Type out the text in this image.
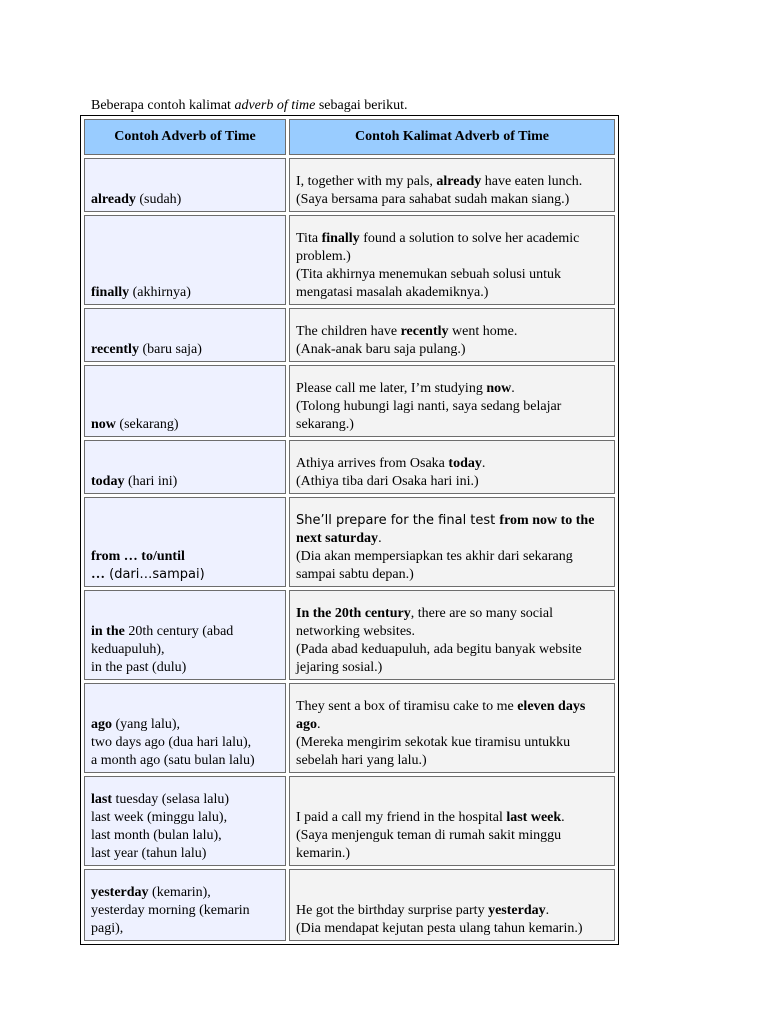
Beberapa contoh kalimat adverb of time sebagai berikut.
Contoh Adverb of Time	Contoh Kalimat Adverb of Time

already (sudah)	I, together with my pals, already have eaten lunch.
(Saya bersama para sahabat sudah makan siang.)

finally (akhirnya)	Tita finally found a solution to solve her academic
problem.)
(Tita akhirnya menemukan sebuah solusi untuk
mengatasi masalah akademiknya.)

recently (baru saja)	The children have recently went home.
(Anak-anak baru saja pulang.)

now (sekarang)	Please call me later, I’m studying now.
(Tolong hubungi lagi nanti, saya sedang belajar
sekarang.)

today (hari ini)	Athiya arrives from Osaka today.
(Athiya tiba dari Osaka hari ini.)

from … to/until
… (dari…sampai)	She’ll prepare for the final test from now to the
next saturday.
(Dia akan mempersiapkan tes akhir dari sekarang
sampai sabtu depan.)

in the 20th century (abad
keduapuluh),
in the past (dulu)	In the 20th century, there are so many social
networking websites.
(Pada abad keduapuluh, ada begitu banyak website
jejaring sosial.)

ago (yang lalu),
two days ago (dua hari lalu),
a month ago (satu bulan lalu)	They sent a box of tiramisu cake to me eleven days
ago.
(Mereka mengirim sekotak kue tiramisu untukku
sebelah hari yang lalu.)

last tuesday (selasa lalu)
last week (minggu lalu),
last month (bulan lalu),
last year (tahun lalu)	I paid a call my friend in the hospital last week.
(Saya menjenguk teman di rumah sakit minggu
kemarin.)

yesterday (kemarin),
yesterday morning (kemarin
pagi),	He got the birthday surprise party yesterday.
(Dia mendapat kejutan pesta ulang tahun kemarin.)
